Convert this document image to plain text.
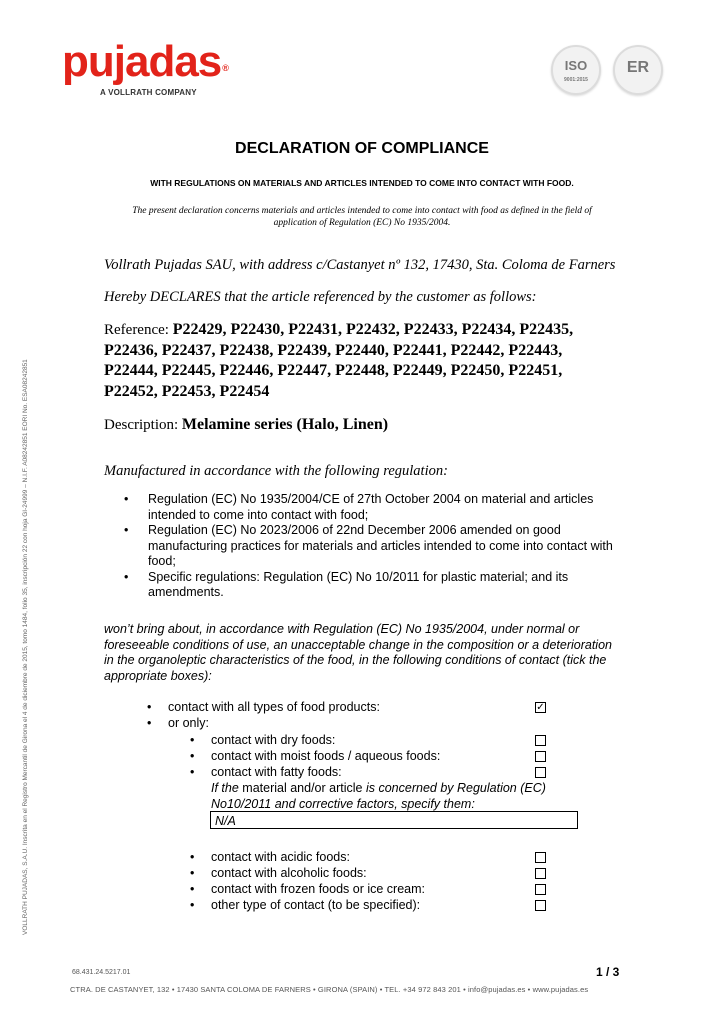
pujadas®
A VOLLRATH COMPANY
ISO
9001:2015
ER
DECLARATION OF COMPLIANCE
WITH REGULATIONS ON MATERIALS AND ARTICLES INTENDED TO COME INTO CONTACT WITH FOOD.
The present declaration concerns materials and articles intended to come into contact with food as defined in the field of application of Regulation (EC) No 1935/2004.
Vollrath Pujadas SAU, with address c/Castanyet nº 132, 17430, Sta. Coloma de Farners
Hereby DECLARES that the article referenced by the customer as follows:
Reference: P22429, P22430, P22431, P22432, P22433, P22434, P22435, P22436, P22437, P22438, P22439, P22440, P22441, P22442, P22443, P22444, P22445, P22446, P22447, P22448, P22449, P22450, P22451, P22452, P22453, P22454
Description: Melamine series (Halo, Linen)
Manufactured in accordance with the following regulation:
• Regulation (EC) No 1935/2004/CE of 27th October 2004 on material and articles intended to come into contact with food;
• Regulation (EC) No 2023/2006 of 22nd December 2006 amended on good manufacturing practices for materials and articles intended to come into contact with food;
• Specific regulations: Regulation (EC) No 10/2011 for plastic material; and its amendments.
won’t bring about, in accordance with Regulation (EC) No 1935/2004, under normal or foreseeable conditions of use, an unacceptable change in the composition or a deterioration in the organoleptic characteristics of the food, in the following conditions of contact (tick the appropriate boxes):
• contact with all types of food products:	✓
• or only:
• contact with dry foods:
• contact with moist foods / aqueous foods:
• contact with fatty foods:
If the material and/or article is concerned by Regulation (EC) No10/2011 and corrective factors, specify them:
N/A
• contact with acidic foods:
• contact with alcoholic foods:
• contact with frozen foods or ice cream:
• other type of contact (to be specified):
VOLLRATH PUJADAS, S.A.U. Inscrita en el Registro Mercantil de Girona el 4 de diciembre de 2015, tomo 1484, folio 35, inscripción 22 con hoja GI-24999 – N.I.F. A08242851 EORI No. ESA08242851
68.431.24.5217.01	1 / 3
CTRA. DE CASTANYET, 132 • 17430 SANTA COLOMA DE FARNERS • GIRONA (SPAIN) • TEL. +34 972 843 201 • info@pujadas.es • www.pujadas.es
